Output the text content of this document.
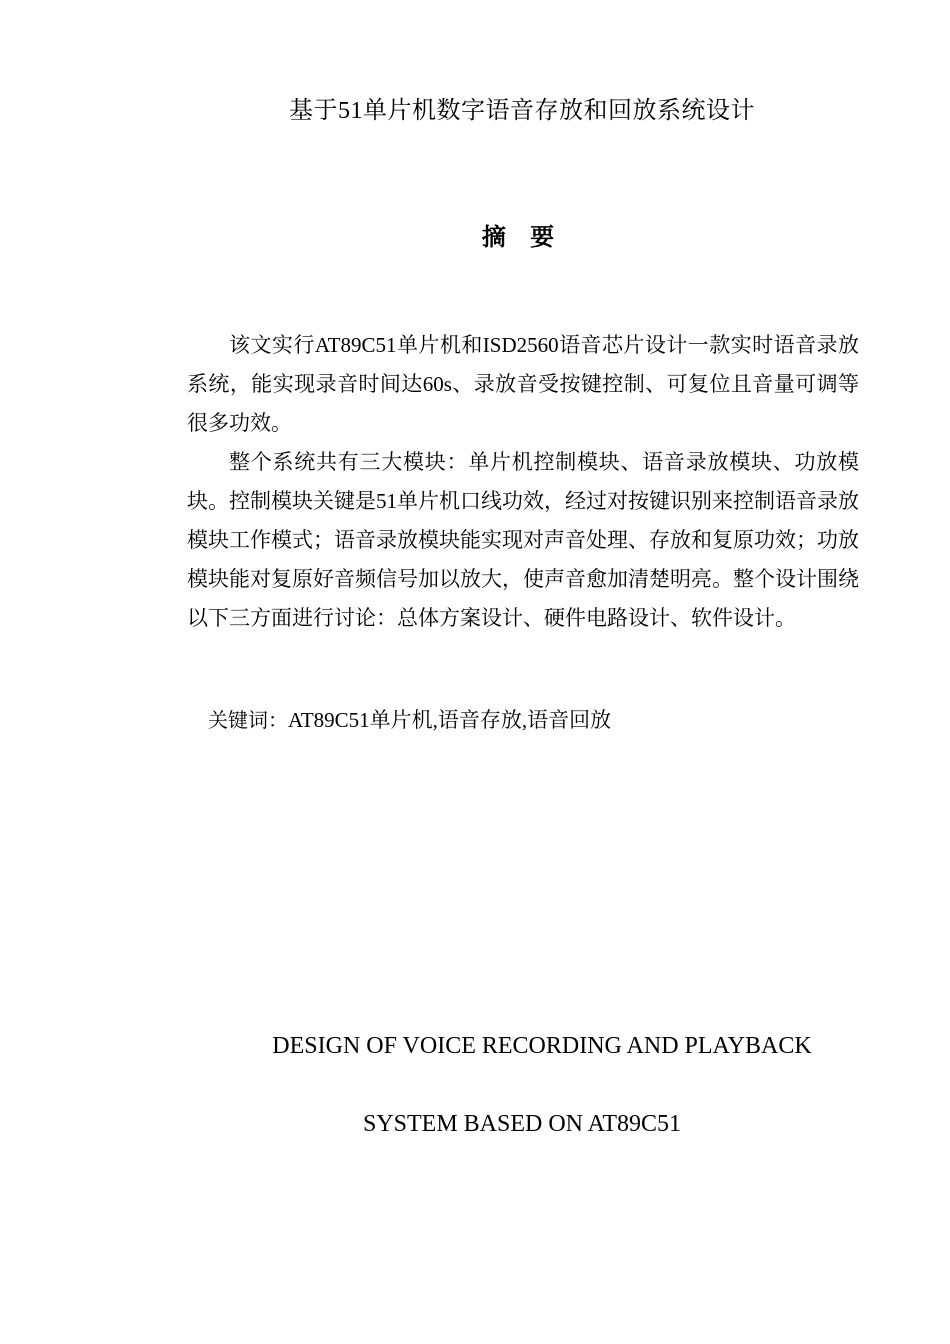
基于51单片机数字语音存放和回放系统设计
摘 要

该文实行AT89C51单片机和ISD2560语音芯片设计一款实时语音录放系统，能实现录音时间达60s、录放音受按键控制、可复位且音量可调等很多功效。

整个系统共有三大模块：单片机控制模块、语音录放模块、功放模块。控制模块关键是51单片机口线功效，经过对按键识别来控制语音录放模块工作模式；语音录放模块能实现对声音处理、存放和复原功效；功放模块能对复原好音频信号加以放大，使声音愈加清楚明亮。整个设计围绕以下三方面进行讨论：总体方案设计、硬件电路设计、软件设计。

关键词：AT89C51单片机,语音存放,语音回放
DESIGN OF VOICE RECORDING AND PLAYBACK
SYSTEM BASED ON AT89C51
